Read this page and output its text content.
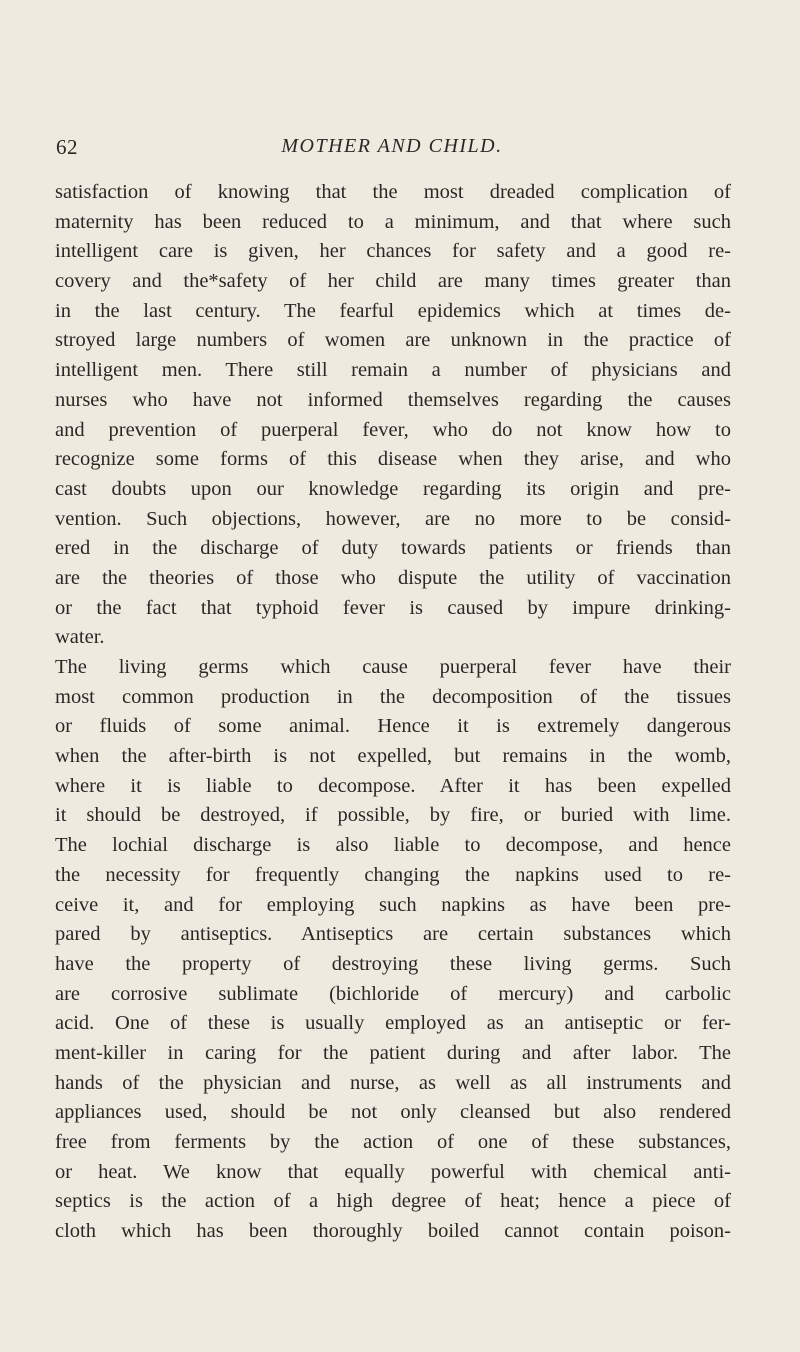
62	MOTHER AND CHILD.
satisfaction of knowing that the most dreaded complication of
maternity has been reduced to a minimum, and that where such
intelligent care is given, her chances for safety and a good re-
covery and the*safety of her child are many times greater than
in the last century. The fearful epidemics which at times de-
stroyed large numbers of women are unknown in the practice of
intelligent men. There still remain a number of physicians and
nurses who have not informed themselves regarding the causes
and prevention of puerperal fever, who do not know how to
recognize some forms of this disease when they arise, and who
cast doubts upon our knowledge regarding its origin and pre-
vention. Such objections, however, are no more to be consid-
ered in the discharge of duty towards patients or friends than
are the theories of those who dispute the utility of vaccination
or the fact that typhoid fever is caused by impure drinking-
water.
The living germs which cause puerperal fever have their
most common production in the decomposition of the tissues
or fluids of some animal. Hence it is extremely dangerous
when the after-birth is not expelled, but remains in the womb,
where it is liable to decompose. After it has been expelled
it should be destroyed, if possible, by fire, or buried with lime.
The lochial discharge is also liable to decompose, and hence
the necessity for frequently changing the napkins used to re-
ceive it, and for employing such napkins as have been pre-
pared by antiseptics. Antiseptics are certain substances which
have the property of destroying these living germs. Such
are corrosive sublimate (bichloride of mercury) and carbolic
acid. One of these is usually employed as an antiseptic or fer-
ment-killer in caring for the patient during and after labor. The
hands of the physician and nurse, as well as all instruments and
appliances used, should be not only cleansed but also rendered
free from ferments by the action of one of these substances,
or heat. We know that equally powerful with chemical anti-
septics is the action of a high degree of heat; hence a piece of
cloth which has been thoroughly boiled cannot contain poison-
